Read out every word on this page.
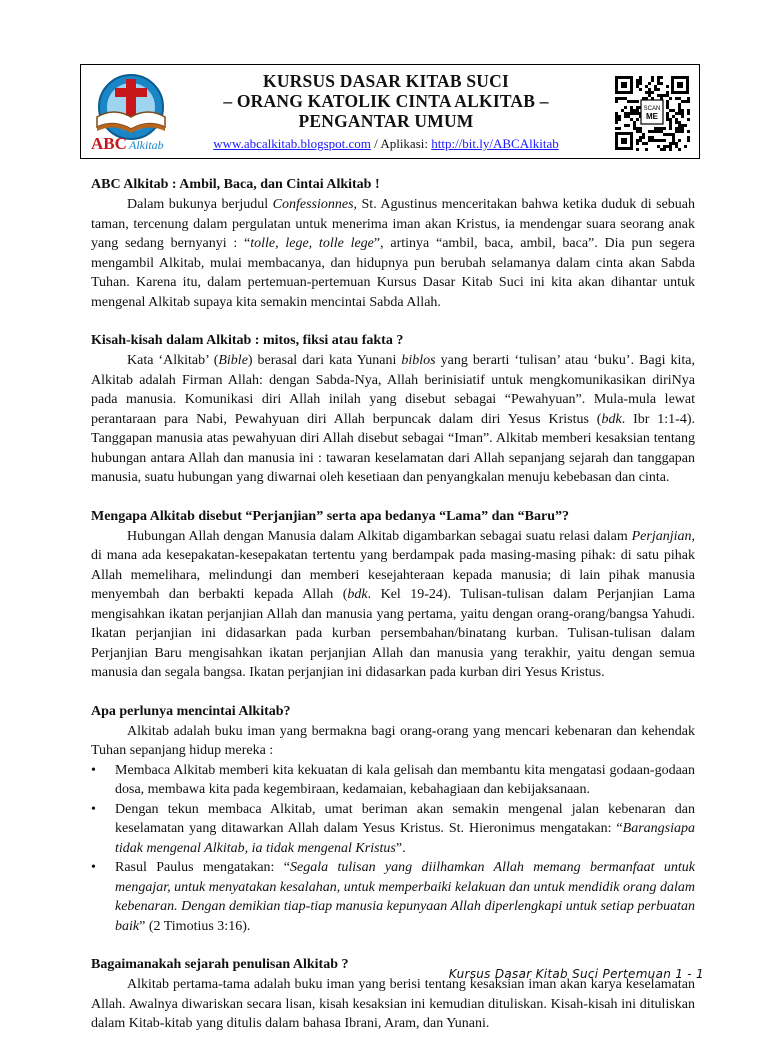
ABC Alkitab

KURSUS DASAR KITAB SUCI

– ORANG KATOLIK CINTA ALKITAB –

PENGANTAR UMUM

www.abcalkitab.blogspot.com / Aplikasi: http://bit.ly/ABCAlkitab
SCAN
ME
ABC Alkitab : Ambil, Baca, dan Cintai Alkitab !

Dalam bukunya berjudul Confessionnes, St. Agustinus menceritakan bahwa ketika duduk di sebuah taman, tercenung dalam pergulatan untuk menerima iman akan Kristus, ia mendengar suara seorang anak yang sedang bernyanyi : “tolle, lege, tolle lege”, artinya “ambil, baca, ambil, baca”. Dia pun segera mengambil Alkitab, mulai membacanya, dan hidupnya pun berubah selamanya dalam cinta akan Sabda Tuhan. Karena itu, dalam pertemuan-pertemuan Kursus Dasar Kitab Suci ini kita akan dihantar untuk mengenal Alkitab supaya kita semakin mencintai Sabda Allah.

Kisah-kisah dalam Alkitab : mitos, fiksi atau fakta ?

Kata ‘Alkitab’ (Bible) berasal dari kata Yunani biblos yang berarti ‘tulisan’ atau ‘buku’. Bagi kita, Alkitab adalah Firman Allah: dengan Sabda-Nya, Allah berinisiatif untuk mengkomunikasikan diriNya pada manusia. Komunikasi diri Allah inilah yang disebut sebagai “Pewahyuan”. Mula-mula lewat perantaraan para Nabi, Pewahyuan diri Allah berpuncak dalam diri Yesus Kristus (bdk. Ibr 1:1-4). Tanggapan manusia atas pewahyuan diri Allah disebut sebagai “Iman”. Alkitab memberi kesaksian tentang hubungan antara Allah dan manusia ini : tawaran keselamatan dari Allah sepanjang sejarah dan tanggapan manusia, suatu hubungan yang diwarnai oleh kesetiaan dan penyangkalan menuju kebebasan dan cinta.

Mengapa Alkitab disebut “Perjanjian” serta apa bedanya “Lama” dan “Baru”?

Hubungan Allah dengan Manusia dalam Alkitab digambarkan sebagai suatu relasi dalam Perjanjian, di mana ada kesepakatan-kesepakatan tertentu yang berdampak pada masing-masing pihak: di satu pihak Allah memelihara, melindungi dan memberi kesejahteraan kepada manusia; di lain pihak manusia menyembah dan berbakti kepada Allah (bdk. Kel 19-24). Tulisan-tulisan dalam Perjanjian Lama mengisahkan ikatan perjanjian Allah dan manusia yang pertama, yaitu dengan orang-orang/bangsa Yahudi. Ikatan perjanjian ini didasarkan pada kurban persembahan/binatang kurban. Tulisan-tulisan dalam Perjanjian Baru mengisahkan ikatan perjanjian Allah dan manusia yang terakhir, yaitu dengan semua manusia dan segala bangsa. Ikatan perjanjian ini didasarkan pada kurban diri Yesus Kristus.

Apa perlunya mencintai Alkitab?

Alkitab adalah buku iman yang bermakna bagi orang-orang yang mencari kebenaran dan kehendak Tuhan sepanjang hidup mereka :

• Membaca Alkitab memberi kita kekuatan di kala gelisah dan membantu kita mengatasi godaan-godaan dosa, membawa kita pada kegembiraan, kedamaian, kebahagiaan dan kebijaksanaan.
• Dengan tekun membaca Alkitab, umat beriman akan semakin mengenal jalan kebenaran dan keselamatan yang ditawarkan Allah dalam Yesus Kristus. St. Hieronimus mengatakan: “Barangsiapa tidak mengenal Alkitab, ia tidak mengenal Kristus”.
• Rasul Paulus mengatakan: “Segala tulisan yang diilhamkan Allah memang bermanfaat untuk mengajar, untuk menyatakan kesalahan, untuk memperbaiki kelakuan dan untuk mendidik orang dalam kebenaran. Dengan demikian tiap-tiap manusia kepunyaan Allah diperlengkapi untuk setiap perbuatan baik” (2 Timotius 3:16).
Bagaimanakah sejarah penulisan Alkitab ?

Alkitab pertama-tama adalah buku iman yang berisi tentang kesaksian iman akan karya keselamatan Allah. Awalnya diwariskan secara lisan, kisah kesaksian ini kemudian dituliskan. Kisah-kisah ini dituliskan dalam Kitab-kitab yang ditulis dalam bahasa Ibrani, Aram, dan Yunani.

Kursus Dasar Kitab Suci Pertemuan 1 - 1
